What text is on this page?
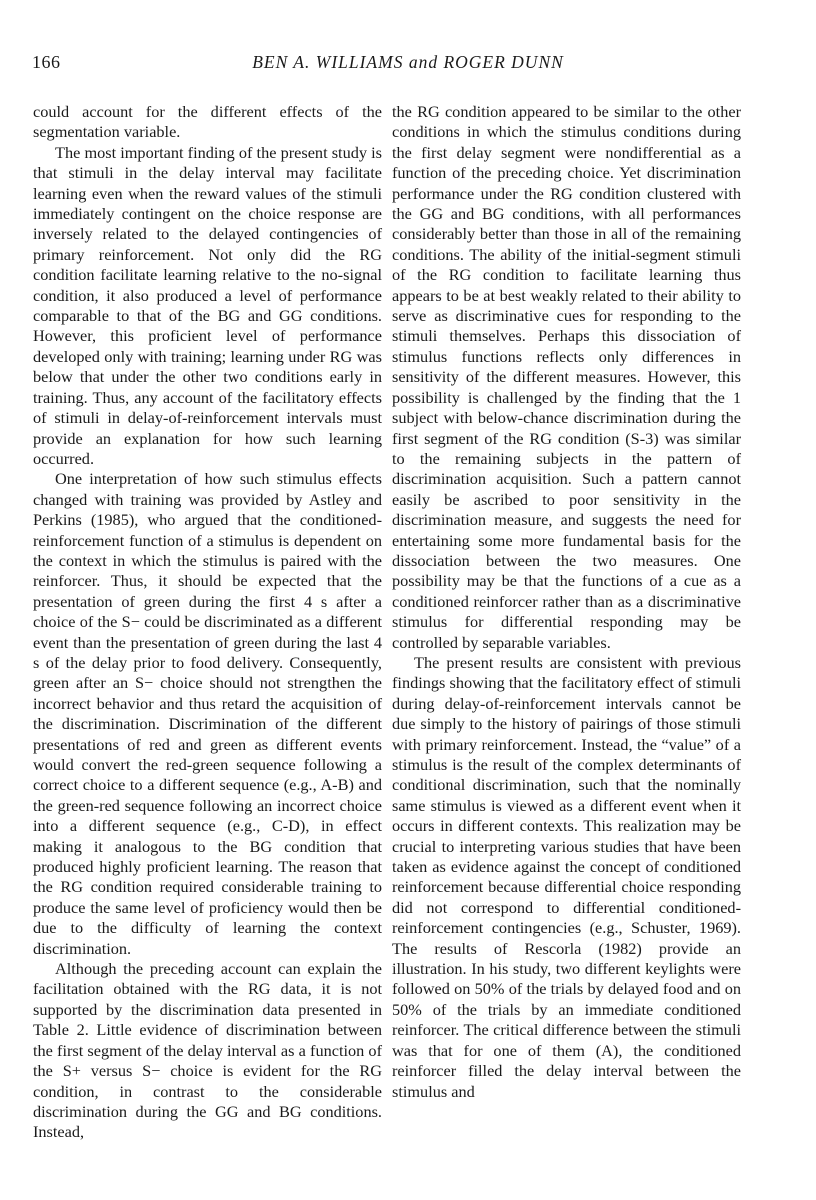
166	BEN A. WILLIAMS and ROGER DUNN

could account for the different effects of the segmentation variable.

The most important finding of the present study is that stimuli in the delay interval may facilitate learning even when the reward values of the stimuli immediately contingent on the choice response are inversely related to the delayed contingencies of primary reinforcement. Not only did the RG condition facilitate learning relative to the no-signal condition, it also produced a level of performance comparable to that of the BG and GG conditions. However, this proficient level of performance developed only with training; learning under RG was below that under the other two conditions early in training. Thus, any account of the facilitatory effects of stimuli in delay-of-reinforcement intervals must provide an explanation for how such learning occurred.

One interpretation of how such stimulus effects changed with training was provided by Astley and Perkins (1985), who argued that the conditioned-reinforcement function of a stimulus is dependent on the context in which the stimulus is paired with the reinforcer. Thus, it should be expected that the presentation of green during the first 4 s after a choice of the S− could be discriminated as a different event than the presentation of green during the last 4 s of the delay prior to food delivery. Consequently, green after an S− choice should not strengthen the incorrect behavior and thus retard the acquisition of the discrimination. Discrimination of the different presentations of red and green as different events would convert the red-green sequence following a correct choice to a different sequence (e.g., A-B) and the green-red sequence following an incorrect choice into a different sequence (e.g., C-D), in effect making it analogous to the BG condition that produced highly proficient learning. The reason that the RG condition required considerable training to produce the same level of proficiency would then be due to the difficulty of learning the context discrimination.

Although the preceding account can explain the facilitation obtained with the RG data, it is not supported by the discrimination data presented in Table 2. Little evidence of discrimination between the first segment of the delay interval as a function of the S+ versus S− choice is evident for the RG condition, in contrast to the considerable discrimination during the GG and BG conditions. Instead,

the RG condition appeared to be similar to the other conditions in which the stimulus conditions during the first delay segment were nondifferential as a function of the preceding choice. Yet discrimination performance under the RG condition clustered with the GG and BG conditions, with all performances considerably better than those in all of the remaining conditions. The ability of the initial-segment stimuli of the RG condition to facilitate learning thus appears to be at best weakly related to their ability to serve as discriminative cues for responding to the stimuli themselves. Perhaps this dissociation of stimulus functions reflects only differences in sensitivity of the different measures. However, this possibility is challenged by the finding that the 1 subject with below-chance discrimination during the first segment of the RG condition (S-3) was similar to the remaining subjects in the pattern of discrimination acquisition. Such a pattern cannot easily be ascribed to poor sensitivity in the discrimination measure, and suggests the need for entertaining some more fundamental basis for the dissociation between the two measures. One possibility may be that the functions of a cue as a conditioned reinforcer rather than as a discriminative stimulus for differential responding may be controlled by separable variables.

The present results are consistent with previous findings showing that the facilitatory effect of stimuli during delay-of-reinforcement intervals cannot be due simply to the history of pairings of those stimuli with primary reinforcement. Instead, the “value” of a stimulus is the result of the complex determinants of conditional discrimination, such that the nominally same stimulus is viewed as a different event when it occurs in different contexts. This realization may be crucial to interpreting various studies that have been taken as evidence against the concept of conditioned reinforcement because differential choice responding did not correspond to differential conditioned-reinforcement contingencies (e.g., Schuster, 1969). The results of Rescorla (1982) provide an illustration. In his study, two different keylights were followed on 50% of the trials by delayed food and on 50% of the trials by an immediate conditioned reinforcer. The critical difference between the stimuli was that for one of them (A), the conditioned reinforcer filled the delay interval between the stimulus and
